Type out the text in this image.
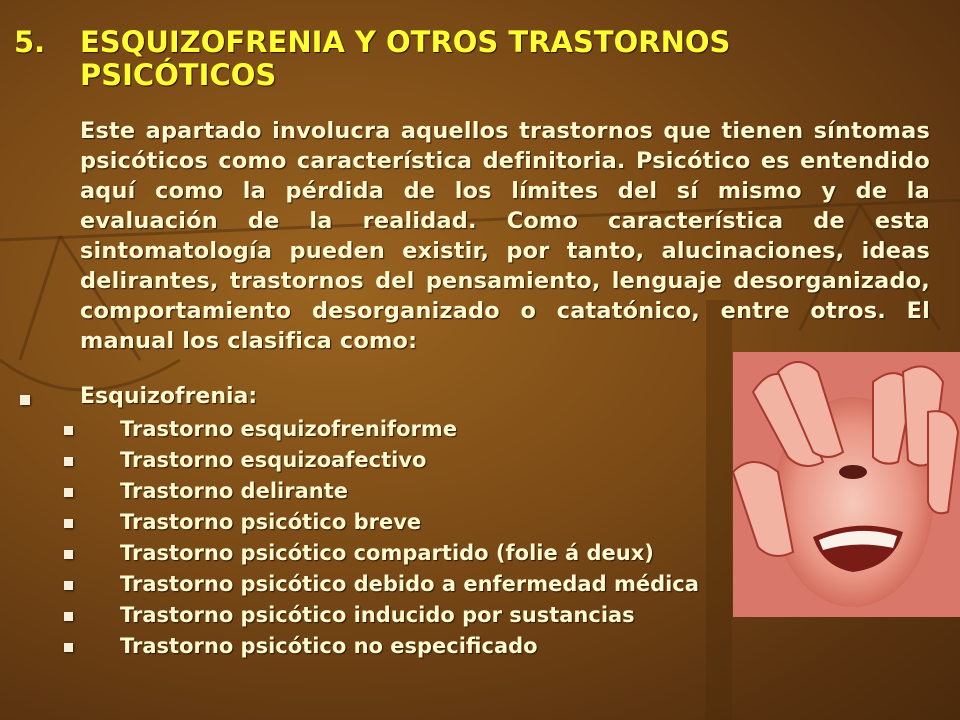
5. ESQUIZOFRENIA Y OTROS TRASTORNOS
PSICÓTICOS
Este apartado involucra aquellos trastornos que tienen síntomas psicóticos como característica definitoria. Psicótico es entendido aquí como la pérdida de los límites del sí mismo y de la evaluación de la realidad. Como característica de esta sintomatología pueden existir, por tanto, alucinaciones, ideas delirantes, trastornos del pensamiento, lenguaje desorganizado, comportamiento desorganizado o catatónico, entre otros. El manual los clasifica como:
Esquizofrenia:
Trastorno esquizofreniforme
Trastorno esquizoafectivo
Trastorno delirante
Trastorno psicótico breve
Trastorno psicótico compartido (folie á deux)
Trastorno psicótico debido a enfermedad médica
Trastorno psicótico inducido por sustancias
Trastorno psicótico no especificado
